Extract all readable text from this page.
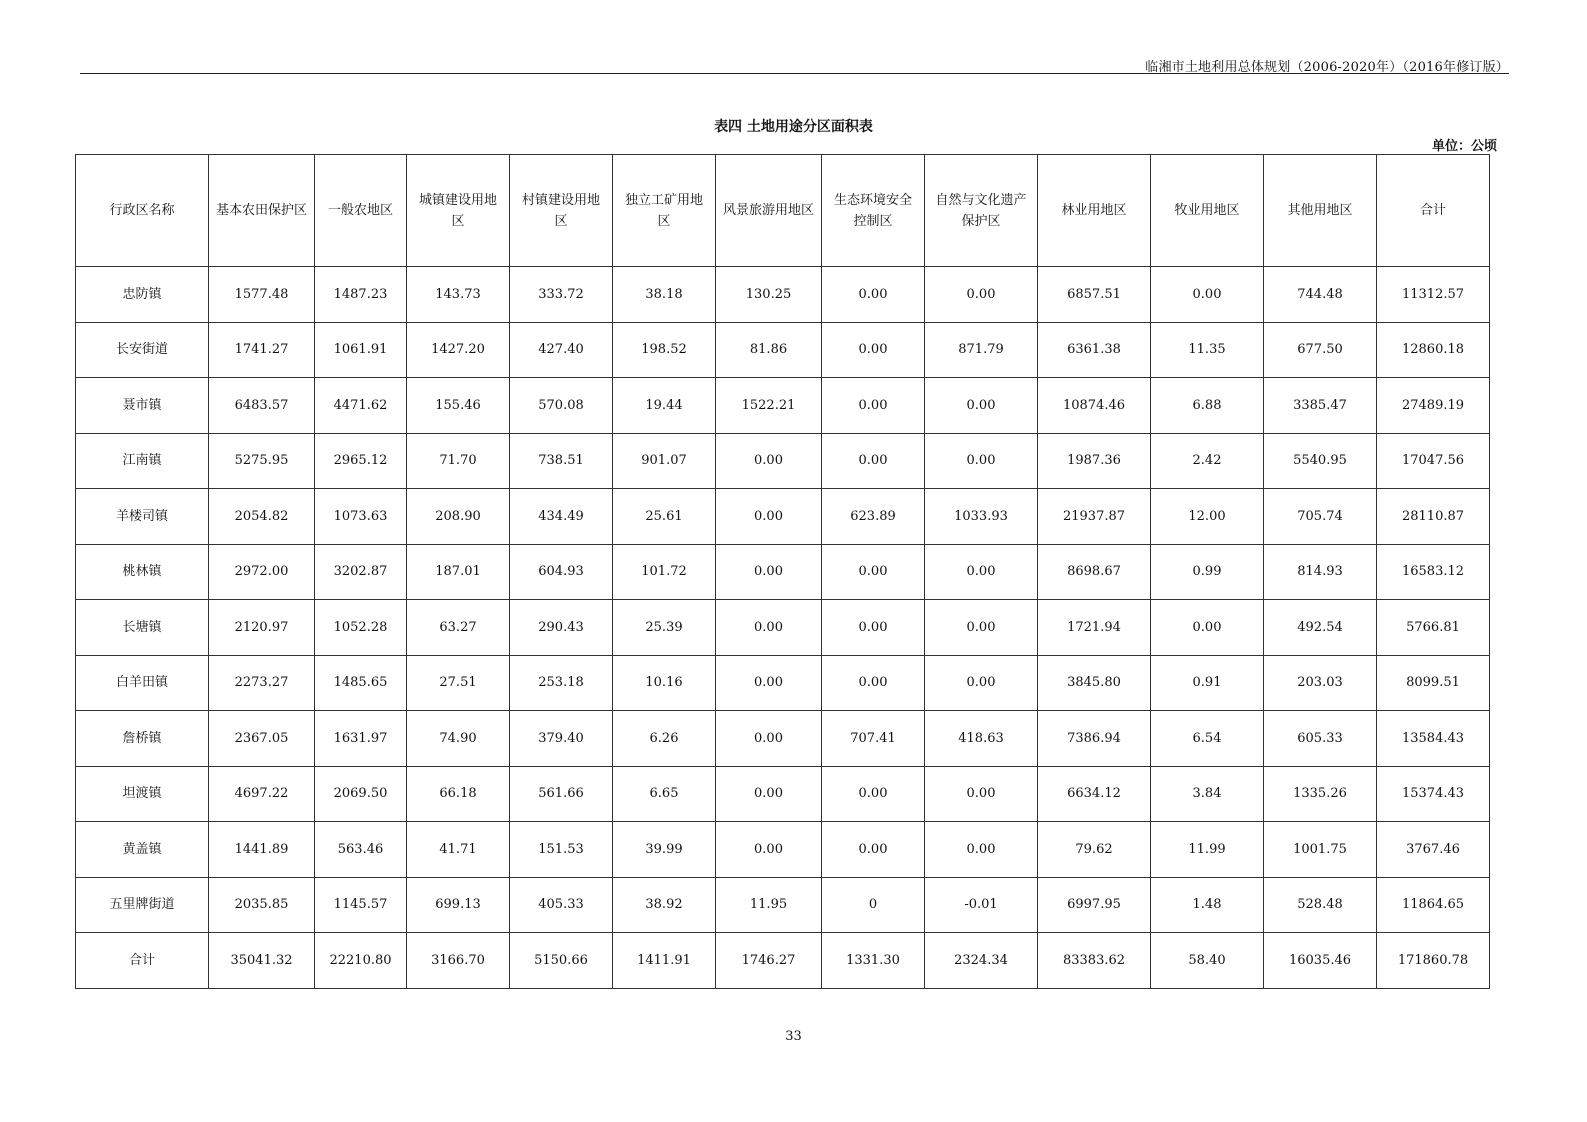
临湘市土地利用总体规划（2006-2020年）（2016年修订版）
表四 土地用途分区面积表
单位：公顷
行政区名称	基本农田保护区	一般农地区	城镇建设用地区	村镇建设用地区	独立工矿用地区	风景旅游用地区	生态环境安全控制区	自然与文化遗产保护区	林业用地区	牧业用地区	其他用地区	合计
忠防镇	1577.48	1487.23	143.73	333.72	38.18	130.25	0.00	0.00	6857.51	0.00	744.48	11312.57
长安街道	1741.27	1061.91	1427.20	427.40	198.52	81.86	0.00	871.79	6361.38	11.35	677.50	12860.18
聂市镇	6483.57	4471.62	155.46	570.08	19.44	1522.21	0.00	0.00	10874.46	6.88	3385.47	27489.19
江南镇	5275.95	2965.12	71.70	738.51	901.07	0.00	0.00	0.00	1987.36	2.42	5540.95	17047.56
羊楼司镇	2054.82	1073.63	208.90	434.49	25.61	0.00	623.89	1033.93	21937.87	12.00	705.74	28110.87
桃林镇	2972.00	3202.87	187.01	604.93	101.72	0.00	0.00	0.00	8698.67	0.99	814.93	16583.12
长塘镇	2120.97	1052.28	63.27	290.43	25.39	0.00	0.00	0.00	1721.94	0.00	492.54	5766.81
白羊田镇	2273.27	1485.65	27.51	253.18	10.16	0.00	0.00	0.00	3845.80	0.91	203.03	8099.51
詹桥镇	2367.05	1631.97	74.90	379.40	6.26	0.00	707.41	418.63	7386.94	6.54	605.33	13584.43
坦渡镇	4697.22	2069.50	66.18	561.66	6.65	0.00	0.00	0.00	6634.12	3.84	1335.26	15374.43
黄盖镇	1441.89	563.46	41.71	151.53	39.99	0.00	0.00	0.00	79.62	11.99	1001.75	3767.46
五里牌街道	2035.85	1145.57	699.13	405.33	38.92	11.95	0	-0.01	6997.95	1.48	528.48	11864.65
合计	35041.32	22210.80	3166.70	5150.66	1411.91	1746.27	1331.30	2324.34	83383.62	58.40	16035.46	171860.78
33
